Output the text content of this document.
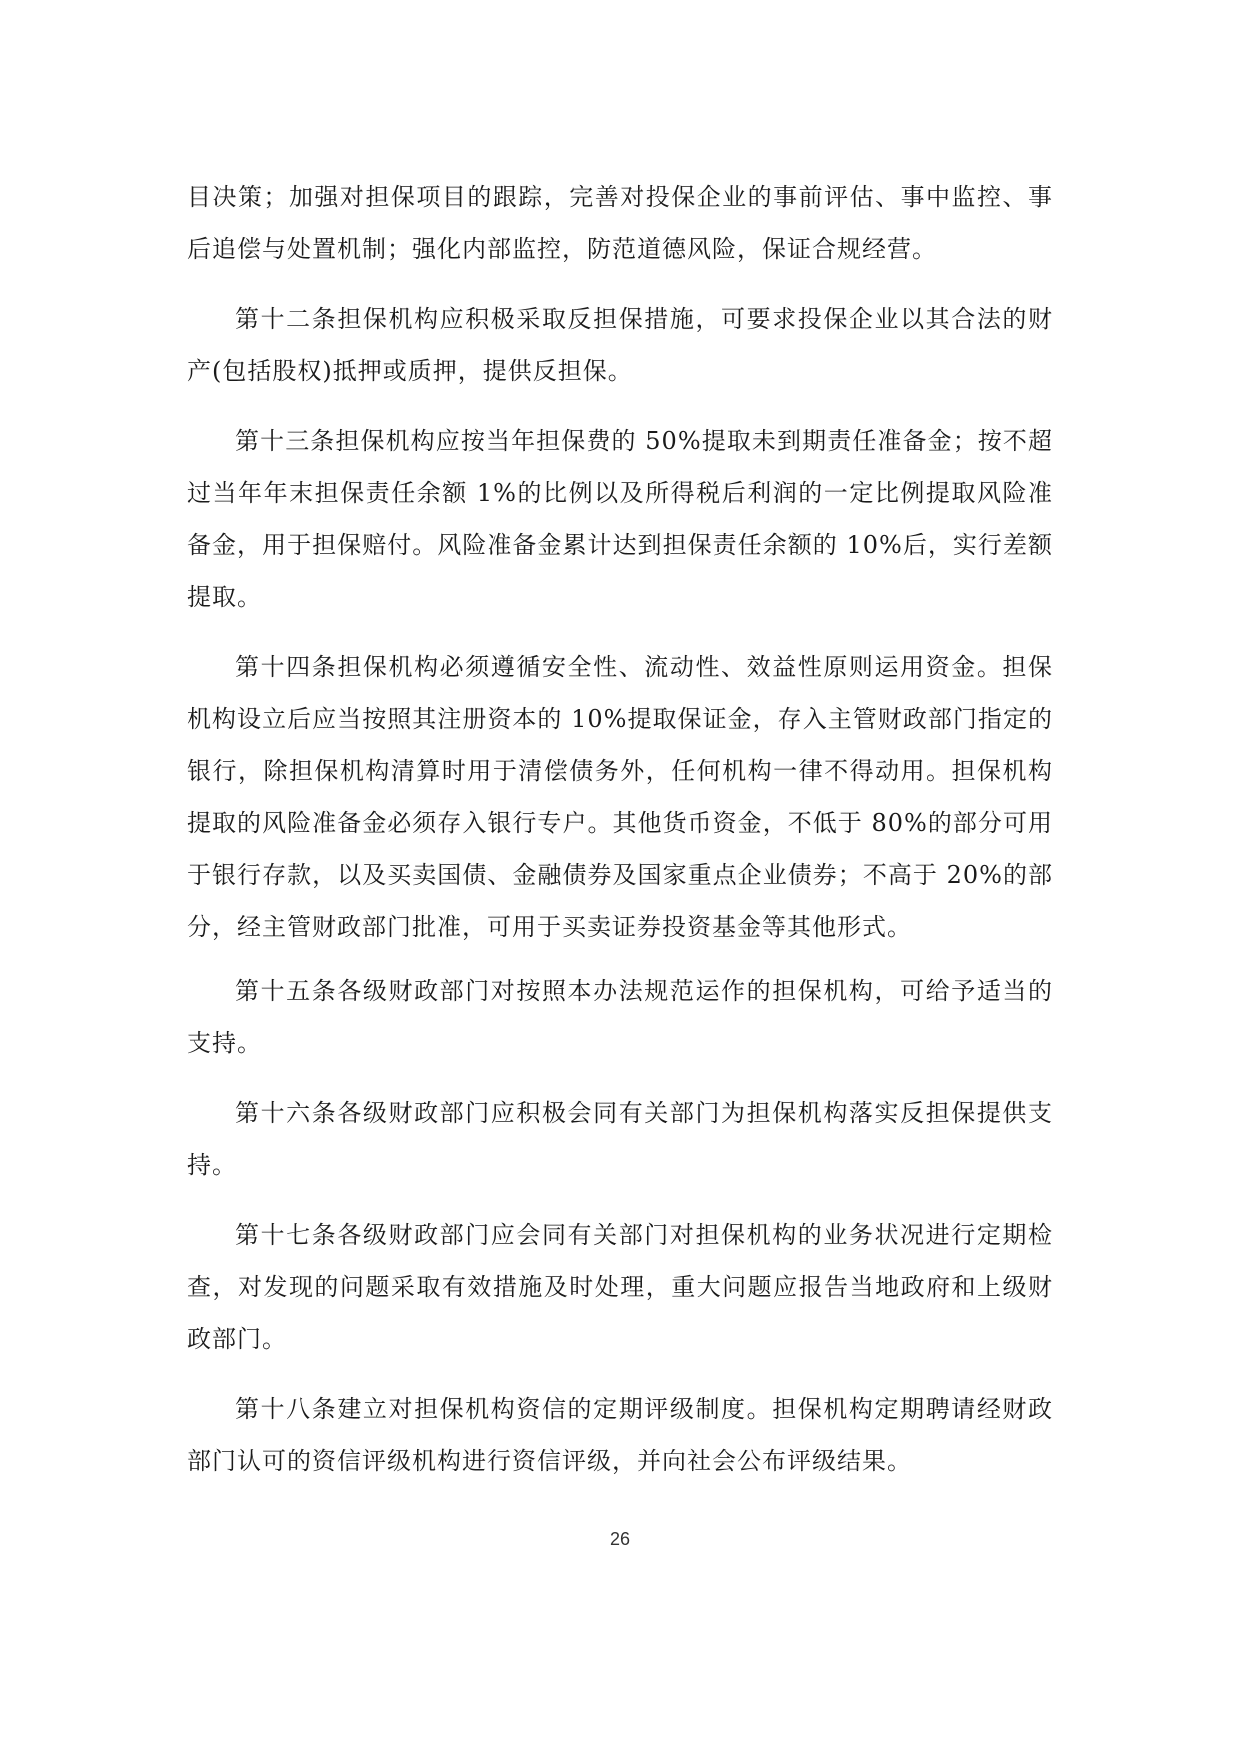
目决策；加强对担保项目的跟踪，完善对投保企业的事前评估、事中监控、事后追偿与处置机制；强化内部监控，防范道德风险，保证合规经营。

第十二条担保机构应积极采取反担保措施，可要求投保企业以其合法的财产(包括股权)抵押或质押，提供反担保。

第十三条担保机构应按当年担保费的 50%提取未到期责任准备金；按不超过当年年末担保责任余额 1%的比例以及所得税后利润的一定比例提取风险准备金，用于担保赔付。风险准备金累计达到担保责任余额的 10%后，实行差额提取。

第十四条担保机构必须遵循安全性、流动性、效益性原则运用资金。担保机构设立后应当按照其注册资本的 10%提取保证金，存入主管财政部门指定的银行，除担保机构清算时用于清偿债务外，任何机构一律不得动用。担保机构提取的风险准备金必须存入银行专户。其他货币资金，不低于 80%的部分可用于银行存款，以及买卖国债、金融债券及国家重点企业债券；不高于 20%的部分，经主管财政部门批准，可用于买卖证券投资基金等其他形式。

第十五条各级财政部门对按照本办法规范运作的担保机构，可给予适当的支持。

第十六条各级财政部门应积极会同有关部门为担保机构落实反担保提供支持。

第十七条各级财政部门应会同有关部门对担保机构的业务状况进行定期检查，对发现的问题采取有效措施及时处理，重大问题应报告当地政府和上级财政部门。

第十八条建立对担保机构资信的定期评级制度。担保机构定期聘请经财政部门认可的资信评级机构进行资信评级，并向社会公布评级结果。

26
